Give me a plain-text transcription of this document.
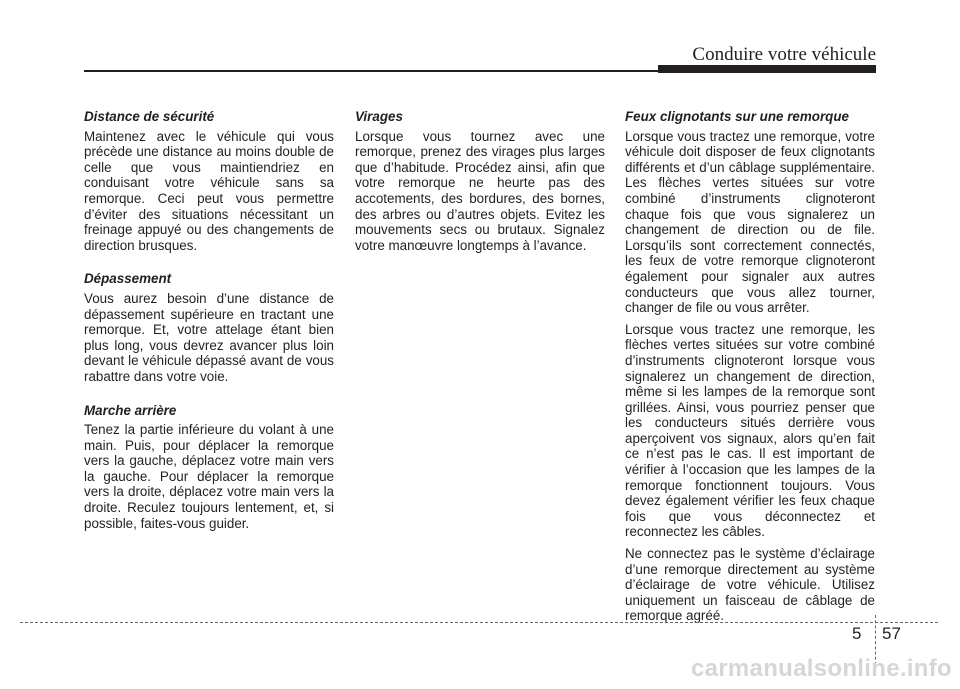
Conduire votre véhicule

Distance de sécurité

Maintenez avec le véhicule qui vous précède une distance au moins double de celle que vous maintiendriez en conduisant votre véhicule sans sa remorque. Ceci peut vous permettre d’éviter des situations nécessitant un freinage appuyé ou des changements de direction brusques.

Dépassement

Vous aurez besoin d’une distance de dépassement supérieure en tractant une remorque. Et, votre attelage étant bien plus long, vous devrez avancer plus loin devant le véhicule dépassé avant de vous rabattre dans votre voie.

Marche arrière

Tenez la partie inférieure du volant à une main. Puis, pour déplacer la remorque vers la gauche, déplacez votre main vers la gauche. Pour déplacer la remorque vers la droite, déplacez votre main vers la droite. Reculez toujours lentement, et, si possible, faites-vous guider.

Virages

Lorsque vous tournez avec une remorque, prenez des virages plus larges que d’habitude. Procédez ainsi, afin que votre remorque ne heurte pas des accotements, des bordures, des bornes, des arbres ou d’autres objets. Evitez les mouvements secs ou brutaux. Signalez votre manœuvre longtemps à l’avance.

Feux clignotants sur une remorque

Lorsque vous tractez une remorque, votre véhicule doit disposer de feux clignotants différents et d’un câblage supplémentaire. Les flèches vertes situées sur votre combiné d’instruments clignoteront chaque fois que vous signalerez un changement de direction ou de file. Lorsqu’ils sont correctement connectés, les feux de votre remorque clignoteront également pour signaler aux autres conducteurs que vous allez tourner, changer de file ou vous arrêter.

Lorsque vous tractez une remorque, les flèches vertes situées sur votre combiné d’instruments clignoteront lorsque vous signalerez un changement de direction, même si les lampes de la remorque sont grillées. Ainsi, vous pourriez penser que les conducteurs situés derrière vous aperçoivent vos signaux, alors qu’en fait ce n’est pas le cas. Il est important de vérifier à l’occasion que les lampes de la remorque fonctionnent toujours. Vous devez également vérifier les feux chaque fois que vous déconnectez et reconnectez les câbles.

Ne connectez pas le système d’éclairage d’une remorque directement au système d’éclairage de votre véhicule. Utilisez uniquement un faisceau de câblage de remorque agréé.

5 57
carmanualsonline.info
